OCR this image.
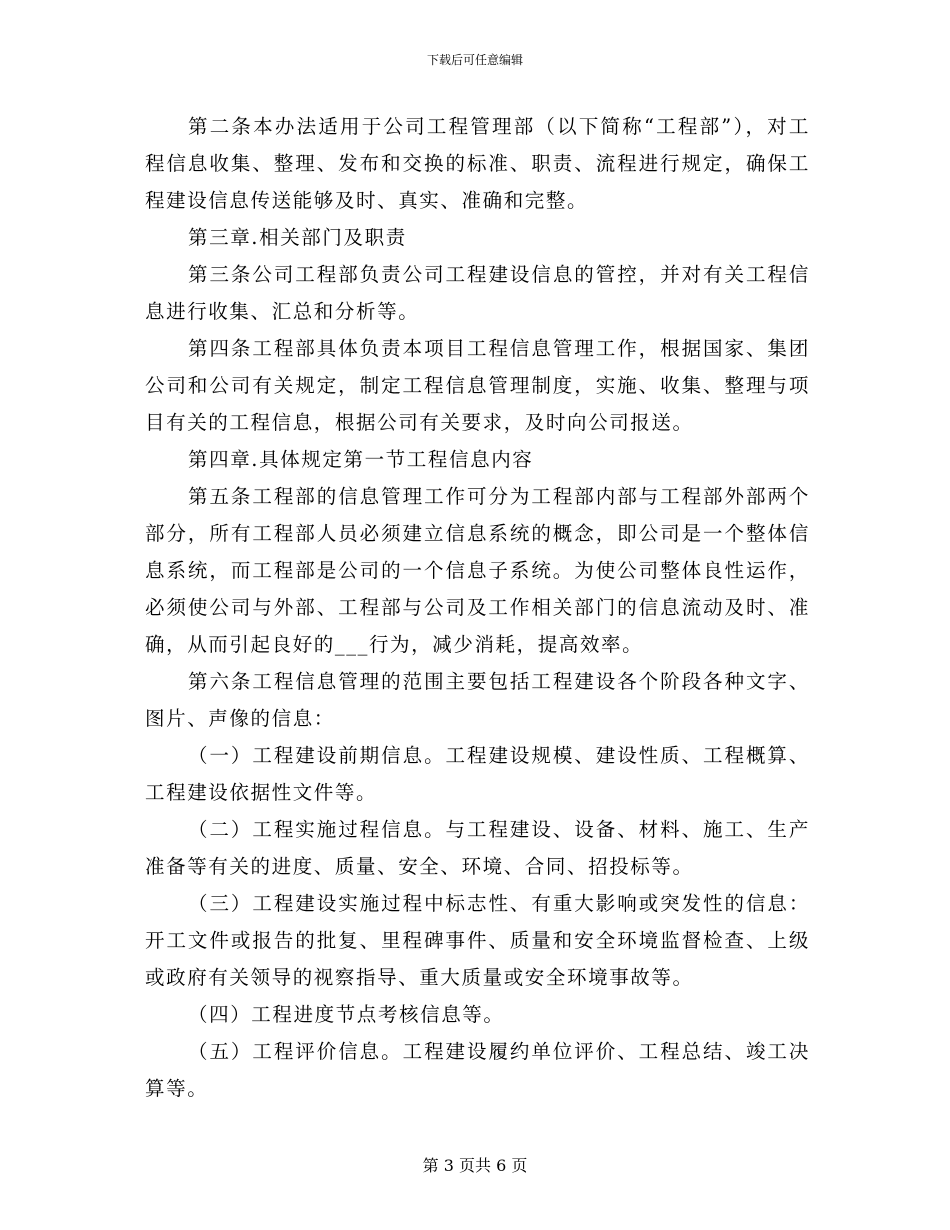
下载后可任意编辑

第二条本办法适用于公司工程管理部（以下简称“工程部”），对工程信息收集、整理、发布和交换的标准、职责、流程进行规定，确保工程建设信息传送能够及时、真实、准确和完整。

第三章.相关部门及职责

第三条公司工程部负责公司工程建设信息的管控，并对有关工程信息进行收集、汇总和分析等。

第四条工程部具体负责本项目工程信息管理工作，根据国家、集团公司和公司有关规定，制定工程信息管理制度，实施、收集、整理与项目有关的工程信息，根据公司有关要求，及时向公司报送。

第四章.具体规定第一节工程信息内容

第五条工程部的信息管理工作可分为工程部内部与工程部外部两个部分，所有工程部人员必须建立信息系统的概念，即公司是一个整体信息系统，而工程部是公司的一个信息子系统。为使公司整体良性运作，必须使公司与外部、工程部与公司及工作相关部门的信息流动及时、准确，从而引起良好的___行为，减少消耗，提高效率。

第六条工程信息管理的范围主要包括工程建设各个阶段各种文字、图片、声像的信息：

（一）工程建设前期信息。工程建设规模、建设性质、工程概算、工程建设依据性文件等。

（二）工程实施过程信息。与工程建设、设备、材料、施工、生产准备等有关的进度、质量、安全、环境、合同、招投标等。

（三）工程建设实施过程中标志性、有重大影响或突发性的信息：开工文件或报告的批复、里程碑事件、质量和安全环境监督检查、上级或政府有关领导的视察指导、重大质量或安全环境事故等。

（四）工程进度节点考核信息等。

（五）工程评价信息。工程建设履约单位评价、工程总结、竣工决算等。

第 3 页共 6 页
